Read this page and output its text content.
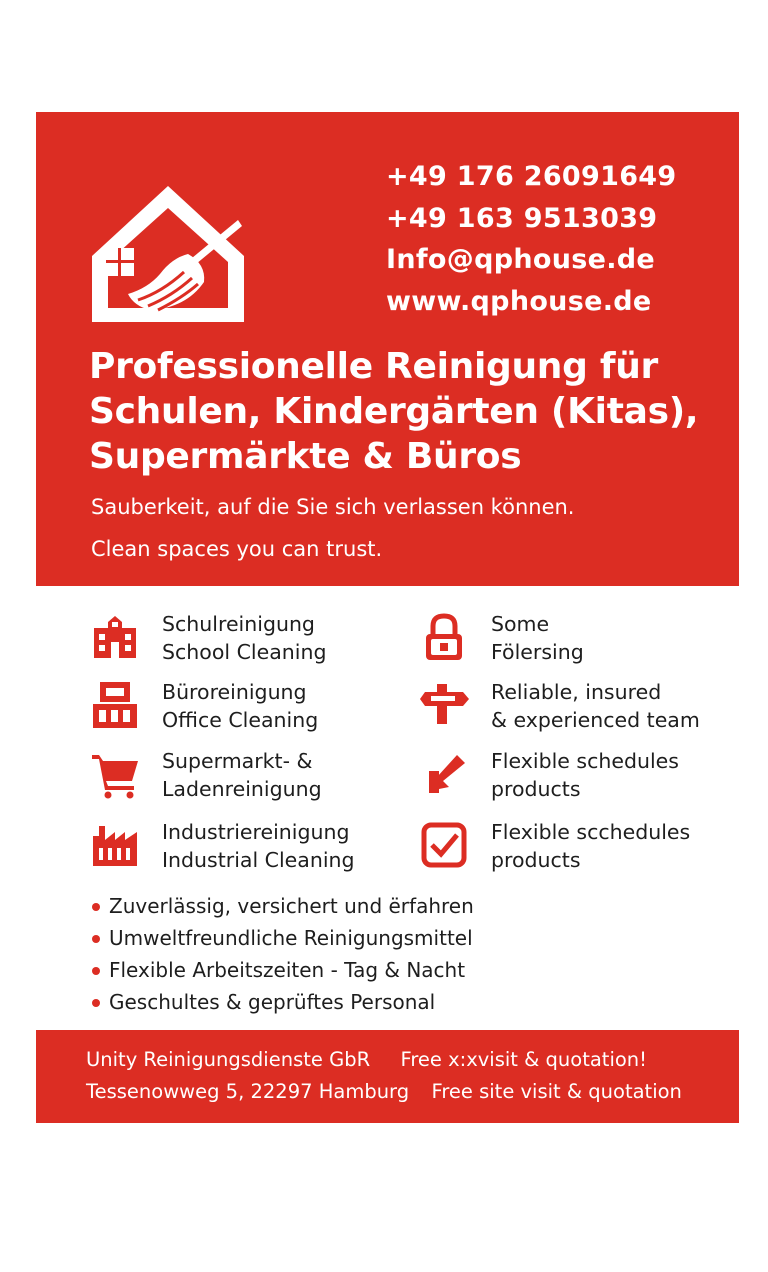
+49 176 26091649
+49 163 9513039
Info@qphouse.de
www.qphouse.de
Professionelle Reinigung für
Schulen, Kindergärten (Kitas),
Supermärkte & Büros
Sauberkeit, auf die Sie sich verlassen können.
Clean spaces you can trust.
Schulreinigung
School Cleaning
Some
Fölersing
Büroreinigung
Office Cleaning
Reliable, insured
& experienced team
Supermarkt- &
Ladenreinigung
Flexible schedules
products
Industriereinigung
Industrial Cleaning
Flexible scchedules
products
Zuverlässig, versichert und ërfahren
Umweltfreundliche Reinigungsmittel
Flexible Arbeitszeiten - Tag & Nacht
Geschultes & geprüftes Personal
Unity Reinigungsdienste GbR Free x:xvisit & quotation!
Tessenowweg 5, 22297 Hamburg Free site visit & quotation
